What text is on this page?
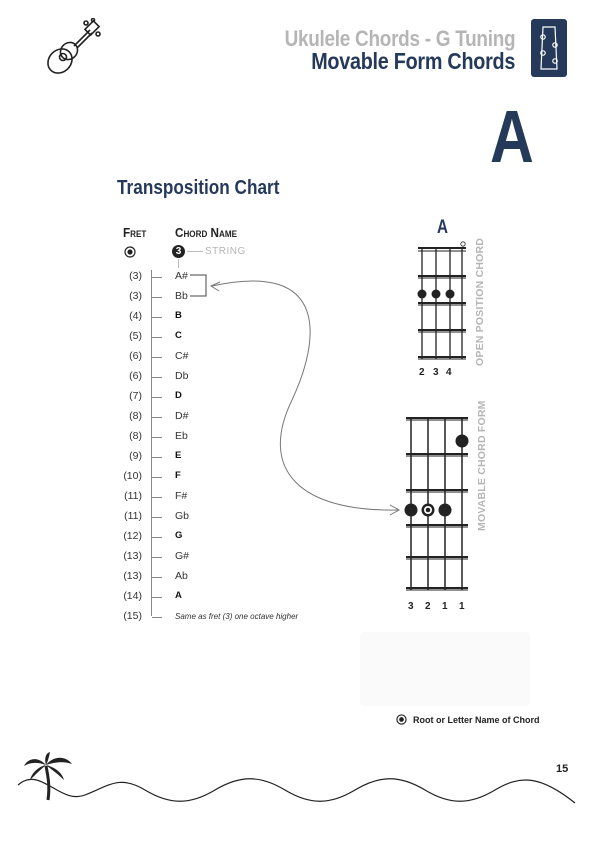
Ukulele Chords - G Tuning
Movable Form Chords
A
Transposition Chart
Fret Chord Name
3	STRING
(3)	A#
(3)	Bb
(4)	B
(5)	C
(6)	C#
(6)	Db
(7)	D
(8)	D#
(8)	Eb
(9)	E
(10)	F
(11)	F#
(11)	Gb
(12)	G
(13)	G#
(13)	Ab
(14)	A
(15)	Same as fret (3) one octave higher
A
2 3 4
OPEN POSITION CHORD
3 2 1 1
MOVABLE CHORD FORM
Root or Letter Name of Chord
15
